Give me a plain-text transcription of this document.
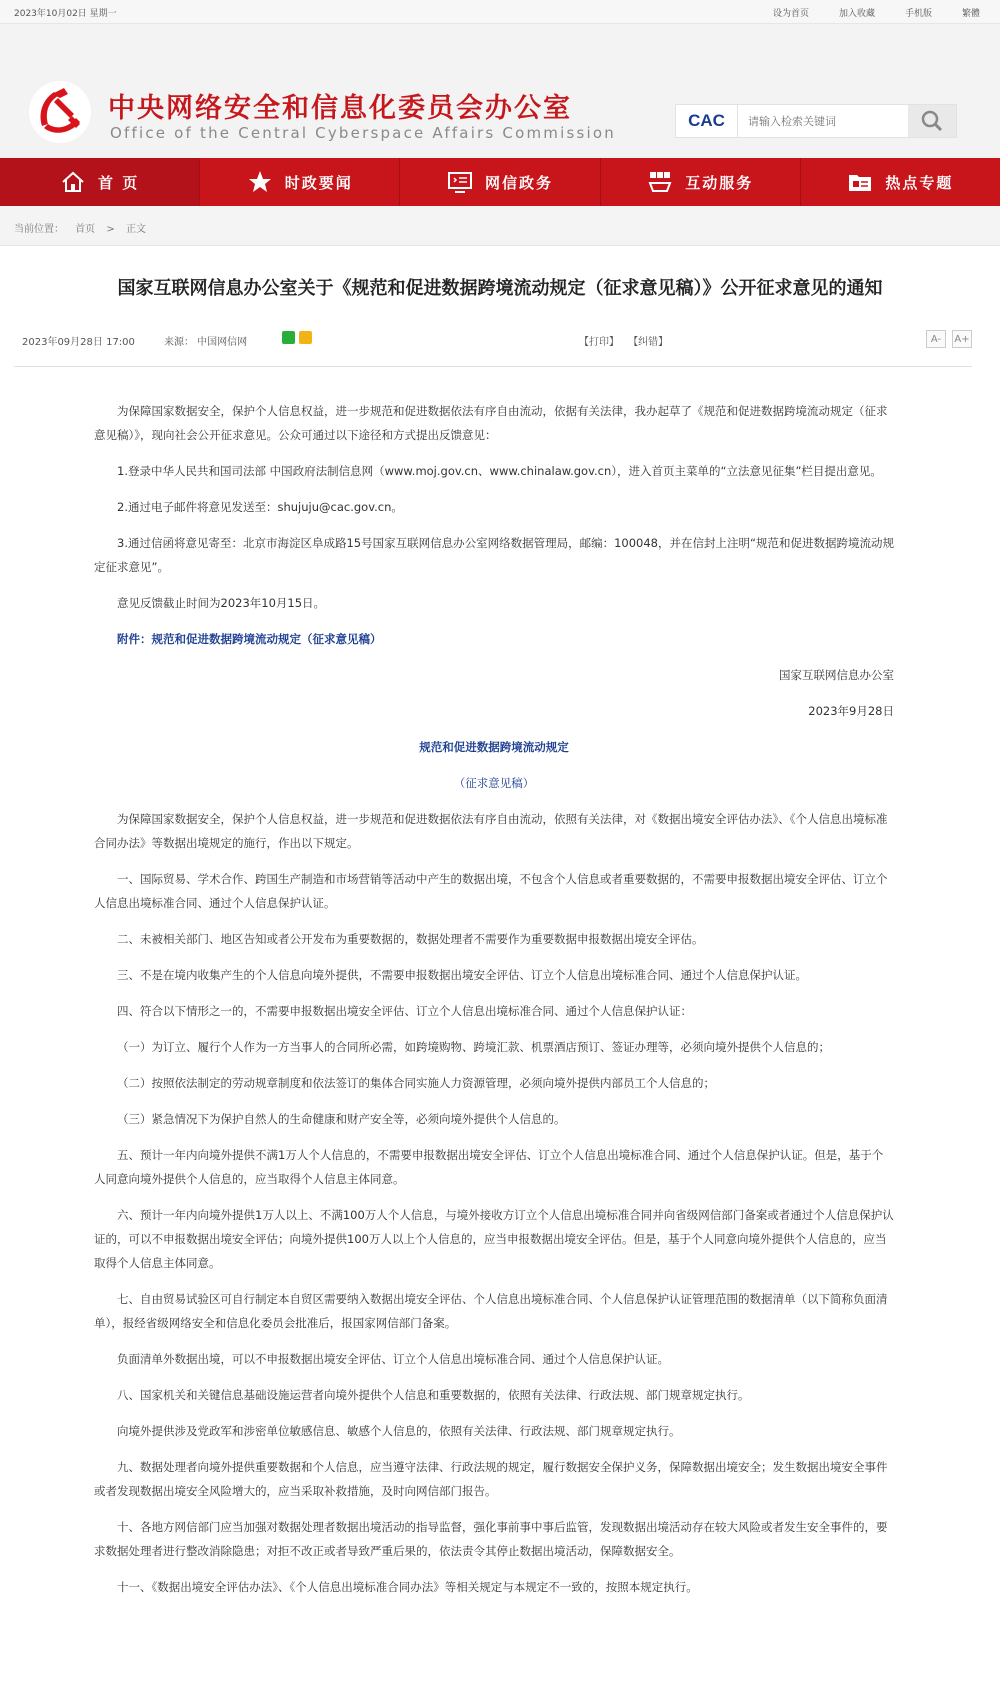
2023年10月02日 星期一	设为首页	加入收藏	手机版	繁體
中央网络安全和信息化委员会办公室
Office of the Central Cyberspace Affairs Commission
CAC
请输入检索关键词
首 页	时政要闻	网信政务	互动服务	热点专题
当前位置： 首页 > 正文
国家互联网信息办公室关于《规范和促进数据跨境流动规定（征求意见稿）》公开征求意见的通知
2023年09月28日 17:00	来源： 中国网信网	【打印】 【纠错】	A-	A+

为保障国家数据安全，保护个人信息权益，进一步规范和促进数据依法有序自由流动，依据有关法律，我办起草了《规范和促进数据跨境流动规定（征求意见稿）》，现向社会公开征求意见。公众可通过以下途径和方式提出反馈意见：

1.登录中华人民共和国司法部 中国政府法制信息网（www.moj.gov.cn、www.chinalaw.gov.cn），进入首页主菜单的“立法意见征集”栏目提出意见。

2.通过电子邮件将意见发送至：shujuju@cac.gov.cn。

3.通过信函将意见寄至：北京市海淀区阜成路15号国家互联网信息办公室网络数据管理局，邮编：100048，并在信封上注明“规范和促进数据跨境流动规定征求意见”。

意见反馈截止时间为2023年10月15日。

附件：规范和促进数据跨境流动规定（征求意见稿）

国家互联网信息办公室

2023年9月28日

规范和促进数据跨境流动规定

（征求意见稿）

为保障国家数据安全，保护个人信息权益，进一步规范和促进数据依法有序自由流动，依照有关法律，对《数据出境安全评估办法》、《个人信息出境标准合同办法》等数据出境规定的施行，作出以下规定。

一、国际贸易、学术合作、跨国生产制造和市场营销等活动中产生的数据出境，不包含个人信息或者重要数据的，不需要申报数据出境安全评估、订立个人信息出境标准合同、通过个人信息保护认证。

二、未被相关部门、地区告知或者公开发布为重要数据的，数据处理者不需要作为重要数据申报数据出境安全评估。

三、不是在境内收集产生的个人信息向境外提供，不需要申报数据出境安全评估、订立个人信息出境标准合同、通过个人信息保护认证。

四、符合以下情形之一的，不需要申报数据出境安全评估、订立个人信息出境标准合同、通过个人信息保护认证：

（一）为订立、履行个人作为一方当事人的合同所必需，如跨境购物、跨境汇款、机票酒店预订、签证办理等，必须向境外提供个人信息的；

（二）按照依法制定的劳动规章制度和依法签订的集体合同实施人力资源管理，必须向境外提供内部员工个人信息的；

（三）紧急情况下为保护自然人的生命健康和财产安全等，必须向境外提供个人信息的。

五、预计一年内向境外提供不满1万人个人信息的，不需要申报数据出境安全评估、订立个人信息出境标准合同、通过个人信息保护认证。但是，基于个人同意向境外提供个人信息的，应当取得个人信息主体同意。

六、预计一年内向境外提供1万人以上、不满100万人个人信息，与境外接收方订立个人信息出境标准合同并向省级网信部门备案或者通过个人信息保护认证的，可以不申报数据出境安全评估；向境外提供100万人以上个人信息的，应当申报数据出境安全评估。但是，基于个人同意向境外提供个人信息的，应当取得个人信息主体同意。

七、自由贸易试验区可自行制定本自贸区需要纳入数据出境安全评估、个人信息出境标准合同、个人信息保护认证管理范围的数据清单（以下简称负面清单），报经省级网络安全和信息化委员会批准后，报国家网信部门备案。

负面清单外数据出境，可以不申报数据出境安全评估、订立个人信息出境标准合同、通过个人信息保护认证。

八、国家机关和关键信息基础设施运营者向境外提供个人信息和重要数据的，依照有关法律、行政法规、部门规章规定执行。

向境外提供涉及党政军和涉密单位敏感信息、敏感个人信息的，依照有关法律、行政法规、部门规章规定执行。

九、数据处理者向境外提供重要数据和个人信息，应当遵守法律、行政法规的规定，履行数据安全保护义务，保障数据出境安全；发生数据出境安全事件或者发现数据出境安全风险增大的，应当采取补救措施，及时向网信部门报告。

十、各地方网信部门应当加强对数据处理者数据出境活动的指导监督，强化事前事中事后监管，发现数据出境活动存在较大风险或者发生安全事件的，要求数据处理者进行整改消除隐患；对拒不改正或者导致严重后果的，依法责令其停止数据出境活动，保障数据安全。

十一、《数据出境安全评估办法》、《个人信息出境标准合同办法》等相关规定与本规定不一致的，按照本规定执行。
